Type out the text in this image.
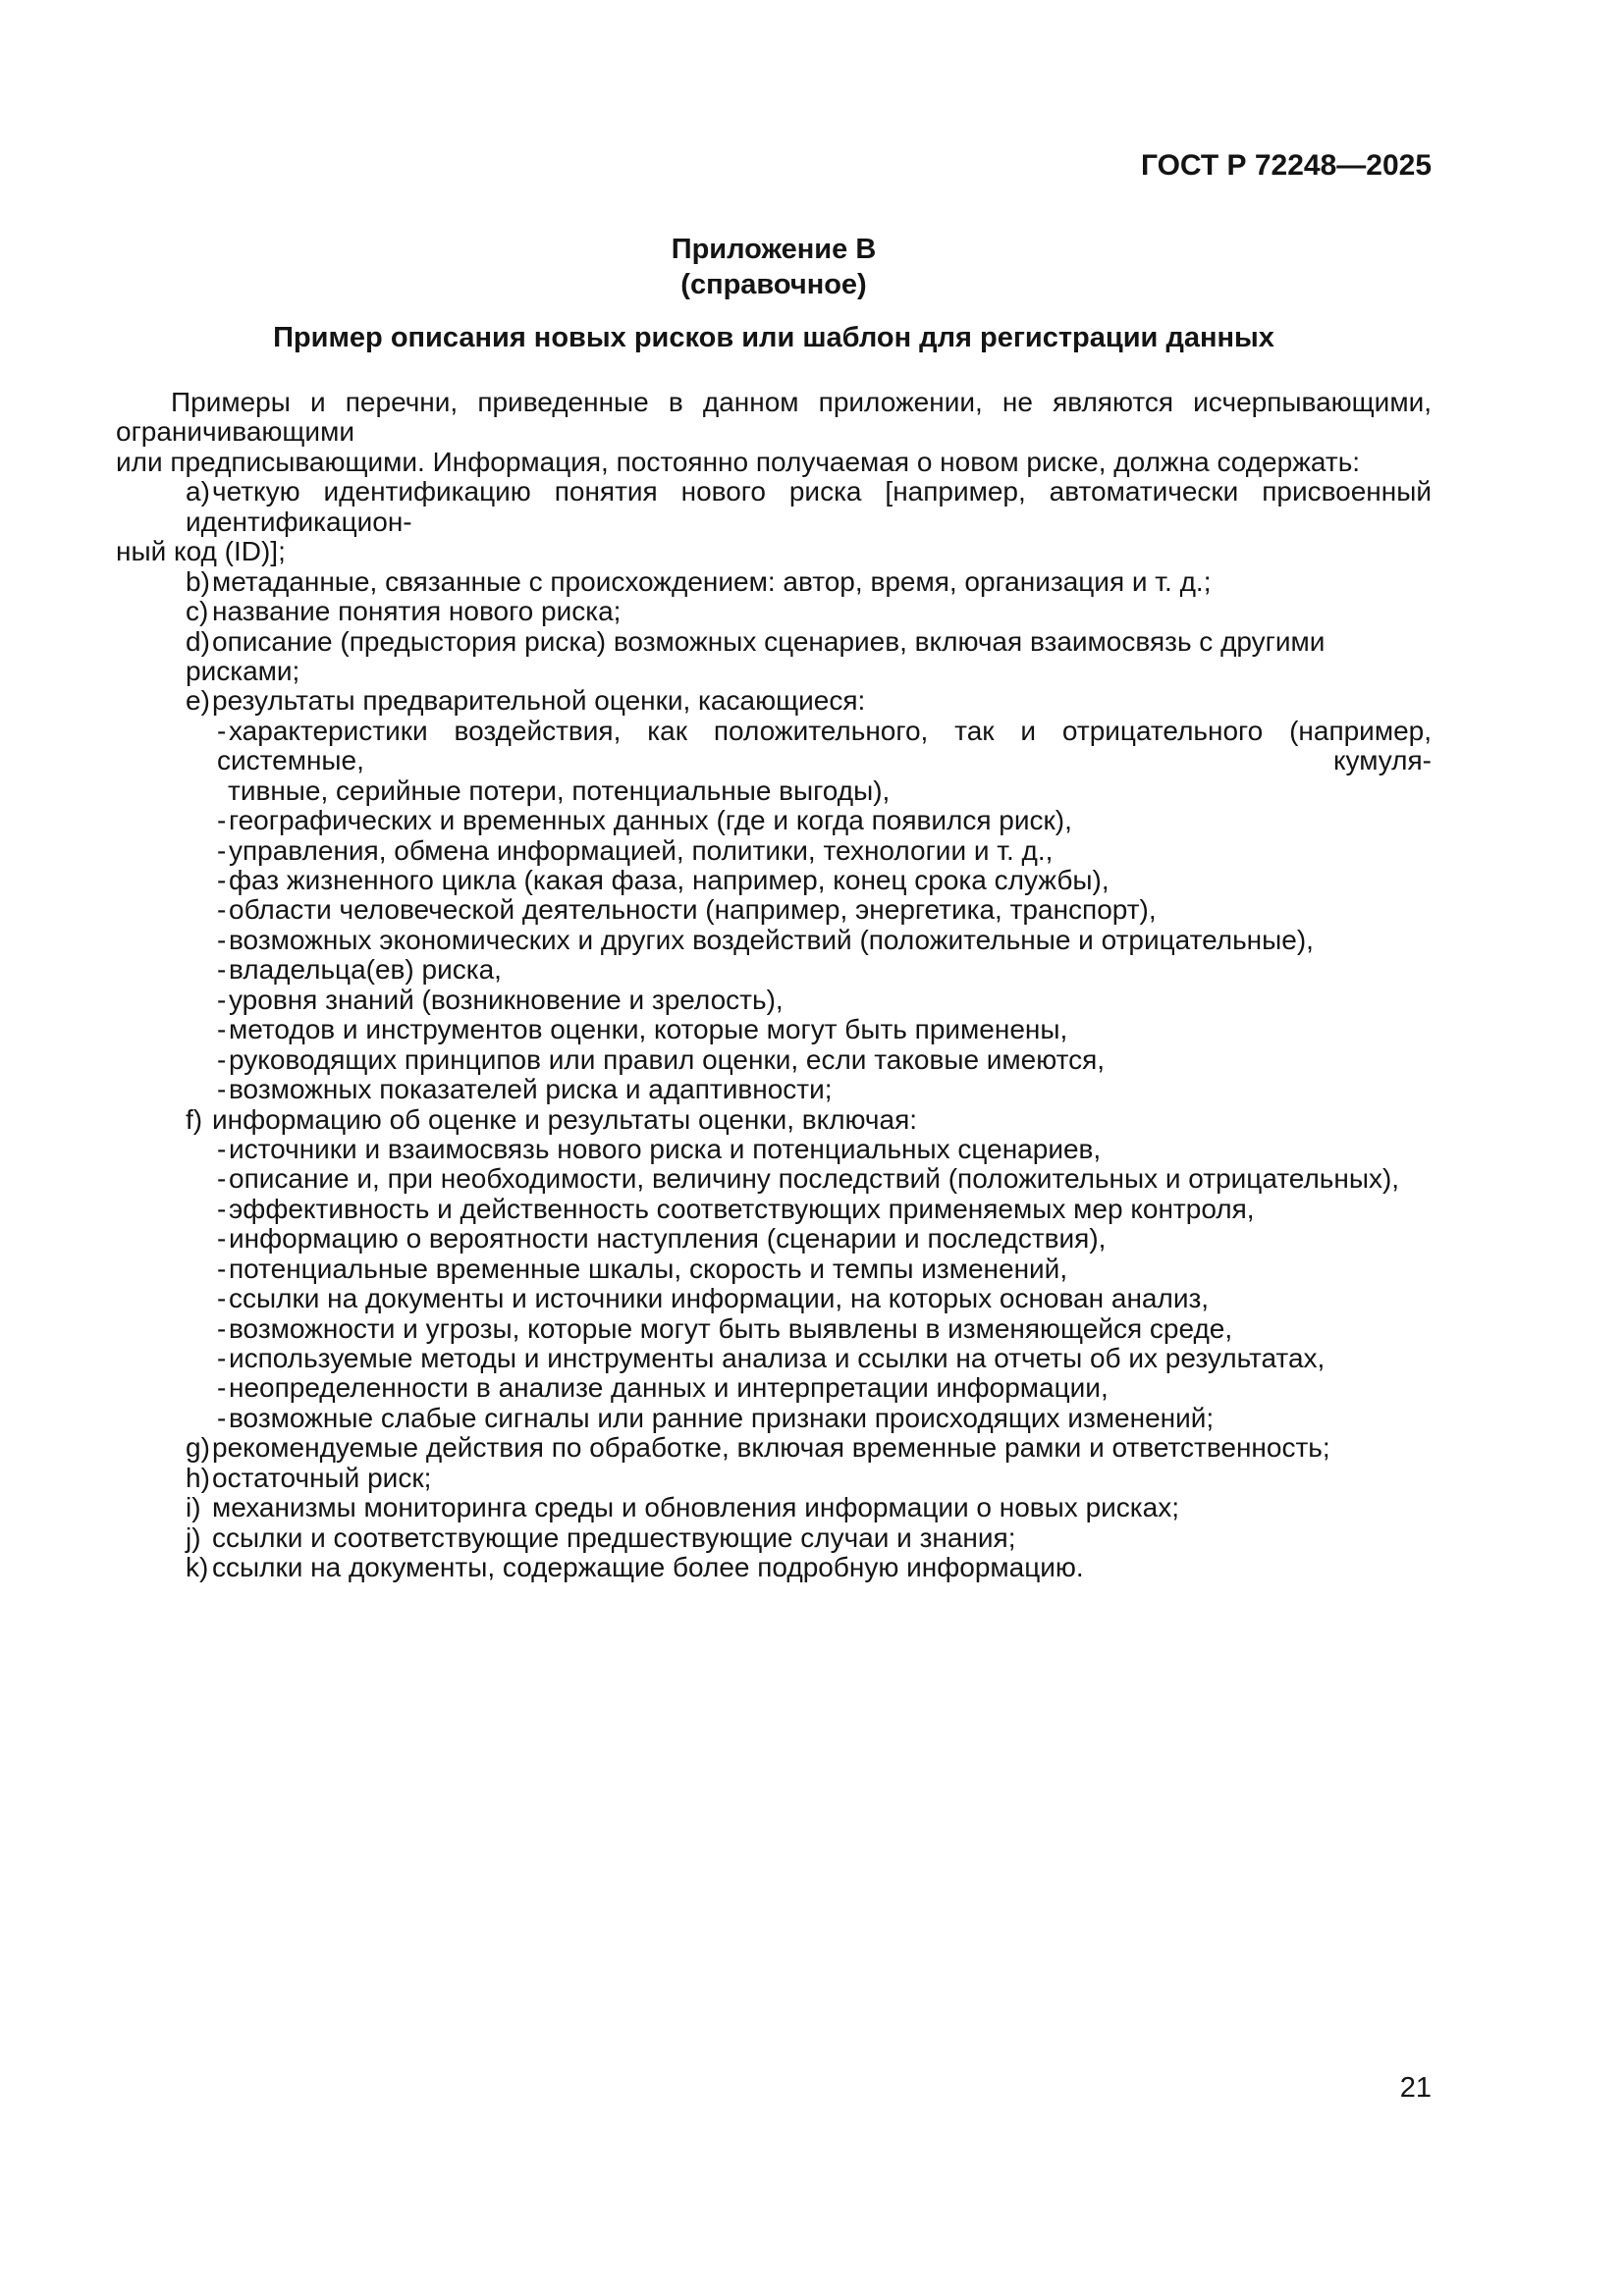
ГОСТ Р 72248—2025
Приложение В
(справочное)
Пример описания новых рисков или шаблон для регистрации данных
Примеры и перечни, приведенные в данном приложении, не являются исчерпывающими, ограничивающими
или предписывающими. Информация, постоянно получаемая о новом риске, должна содержать:
a)четкую идентификацию понятия нового риска [например, автоматически присвоенный идентификацион-
ный код (ID)];
b)метаданные, связанные с происхождением: автор, время, организация и т. д.;
c) название понятия нового риска;
d)описание (предыстория риска) возможных сценариев, включая взаимосвязь с другими рисками;
e)результаты предварительной оценки, касающиеся:
-характеристики воздействия, как положительного, так и отрицательного (например, системные, кумуля-
тивные, серийные потери, потенциальные выгоды),
-географических и временных данных (где и когда появился риск),
-управления, обмена информацией, политики, технологии и т. д.,
-фаз жизненного цикла (какая фаза, например, конец срока службы),
-области человеческой деятельности (например, энергетика, транспорт),
-возможных экономических и других воздействий (положительные и отрицательные),
-владельца(ев) риска,
-уровня знаний (возникновение и зрелость),
-методов и инструментов оценки, которые могут быть применены,
-руководящих принципов или правил оценки, если таковые имеются,
-возможных показателей риска и адаптивности;
f) информацию об оценке и результаты оценки, включая:
-источники и взаимосвязь нового риска и потенциальных сценариев,
-описание и, при необходимости, величину последствий (положительных и отрицательных),
-эффективность и действенность соответствующих применяемых мер контроля,
-информацию о вероятности наступления (сценарии и последствия),
-потенциальные временные шкалы, скорость и темпы изменений,
-ссылки на документы и источники информации, на которых основан анализ,
-возможности и угрозы, которые могут быть выявлены в изменяющейся среде,
-используемые методы и инструменты анализа и ссылки на отчеты об их результатах,
-неопределенности в анализе данных и интерпретации информации,
-возможные слабые сигналы или ранние признаки происходящих изменений;
g)рекомендуемые действия по обработке, включая временные рамки и ответственность;
h)остаточный риск;
i) механизмы мониторинга среды и обновления информации о новых рисках;
j) ссылки и соответствующие предшествующие случаи и знания;
k) ссылки на документы, содержащие более подробную информацию.
21
